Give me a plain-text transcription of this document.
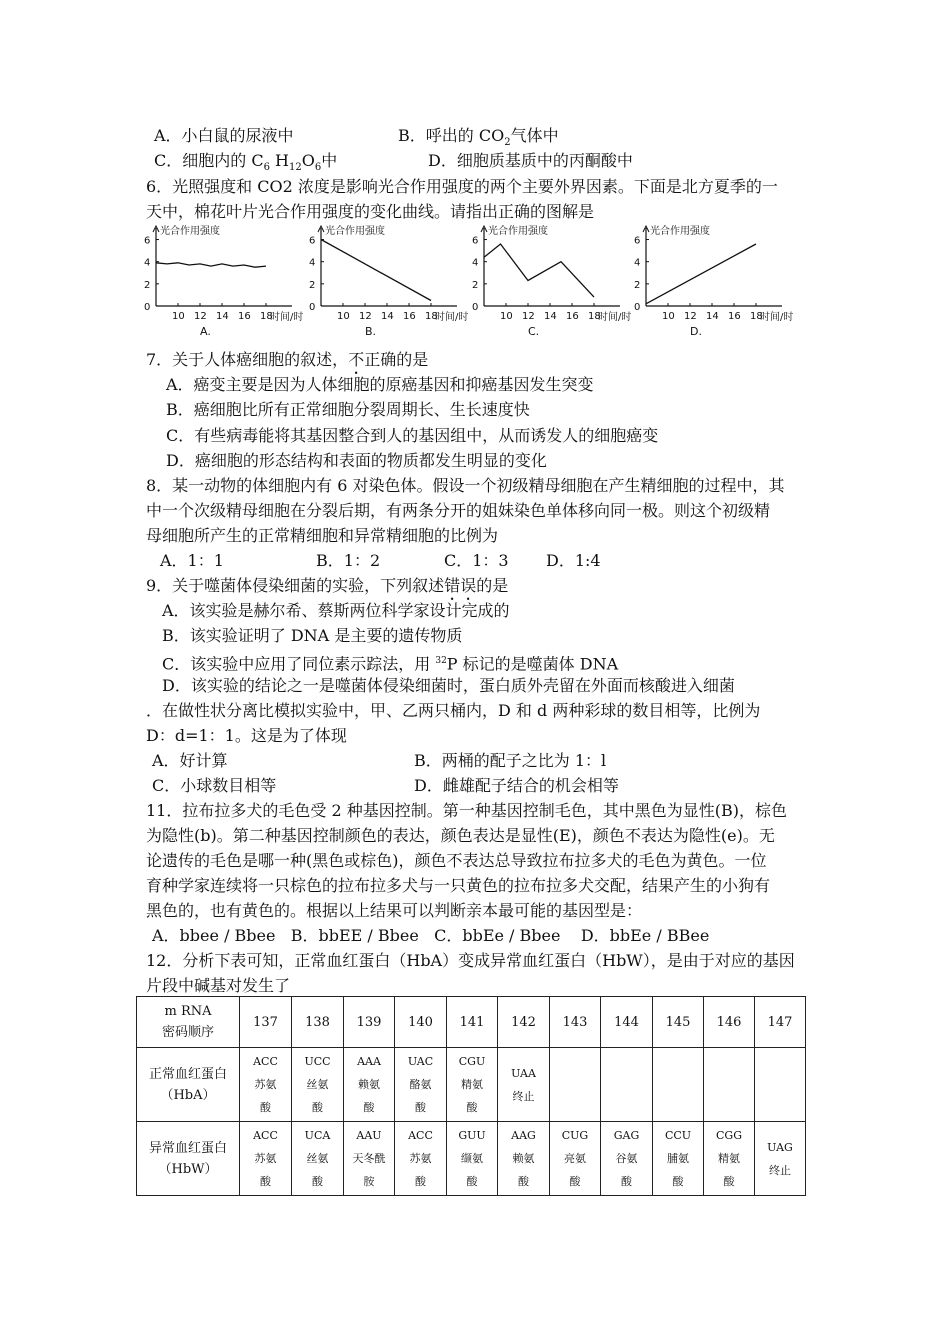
A．小白鼠的尿液中	B．呼出的 $CO_2$气体中
C．细胞内的 $C_6$ $H_{12}O_6$中	D．细胞质基质中的丙酮酸中
6．光照强度和 CO2 浓度是影响光合作用强度的两个主要外界因素。下面是北方夏季的一
天中，棉花叶片光合作用强度的变化曲线。请指出正确的图解是
光合作用强度
0
2
4
6
10 12 14 16 18
时间/时
A.
光合作用强度
0
2
4
6
10 12 14 16 18
时间/时
B.
光合作用强度
0
2
4
6
10 12 14 16 18
时间/时
C.
光合作用强度
0
2
4
6
10 12 14 16 18
时间/时
D.
7．关于人体癌细胞的叙述，不正确的是
A．癌变主要是因为人体细胞的原癌基因和抑癌基因发生突变
B．癌细胞比所有正常细胞分裂周期长、生长速度快
C．有些病毒能将其基因整合到人的基因组中，从而诱发人的细胞癌变
D．癌细胞的形态结构和表面的物质都发生明显的变化
8．某一动物的体细胞内有 6 对染色体。假设一个初级精母细胞在产生精细胞的过程中，其
中一个次级精母细胞在分裂后期，有两条分开的姐妹染色单体移向同一极。则这个初级精
母细胞所产生的正常精细胞和异常精细胞的比例为
A．1：1	B．1：2	C．1：3 D．1:4
9．关于噬菌体侵染细菌的实验，下列叙述错误的是
A．该实验是赫尔希、蔡斯两位科学家设计完成的
B．该实验证明了 DNA 是主要的遗传物质
C．该实验中应用了同位素示踪法，用 $^{32}$P 标记的是噬菌体 DNA
D．该实验的结论之一是噬菌体侵染细菌时，蛋白质外壳留在外面而核酸进入细菌
．在做性状分离比模拟实验中，甲、乙两只桶内，D 和 d 两种彩球的数目相等，比例为
D：d=1：1。这是为了体现
A．好计算	B．两桶的配子之比为 1：l
C．小球数目相等	D．雌雄配子结合的机会相等
11．拉布拉多犬的毛色受 2 种基因控制。第一种基因控制毛色，其中黑色为显性(B)，棕色
为隐性(b)。第二种基因控制颜色的表达，颜色表达是显性(E)，颜色不表达为隐性(e)。无
论遗传的毛色是哪一种(黑色或棕色)，颜色不表达总导致拉布拉多犬的毛色为黄色。一位
育种学家连续将一只棕色的拉布拉多犬与一只黄色的拉布拉多犬交配，结果产生的小狗有
黑色的，也有黄色的。根据以上结果可以判断亲本最可能的基因型是：
A．bbee / Bbee   B．bbEE / Bbee   C．bbEe / Bbee    D．bbEe / BBee
12．分析下表可知，正常血红蛋白（HbA）变成异常血红蛋白（HbW），是由于对应的基因
片段中碱基对发生了
m RNA
密码顺序	137	138	139	140	141	142	143	144	145	146	147
正常血红蛋白
（HbA）	ACC
苏氨
酸	UCC
丝氨
酸	AAA
赖氨
酸	UAC
酪氨
酸	CGU
精氨
酸	UAA
终止					
异常血红蛋白
（HbW）	ACC
苏氨
酸	UCA
丝氨
酸	AAU
天冬酰
胺	ACC
苏氨
酸	GUU
缬氨
酸	AAG
赖氨
酸	CUG
亮氨
酸	GAG
谷氨
酸	CCU
脯氨
酸	CGG
精氨
酸	UAG
终止
